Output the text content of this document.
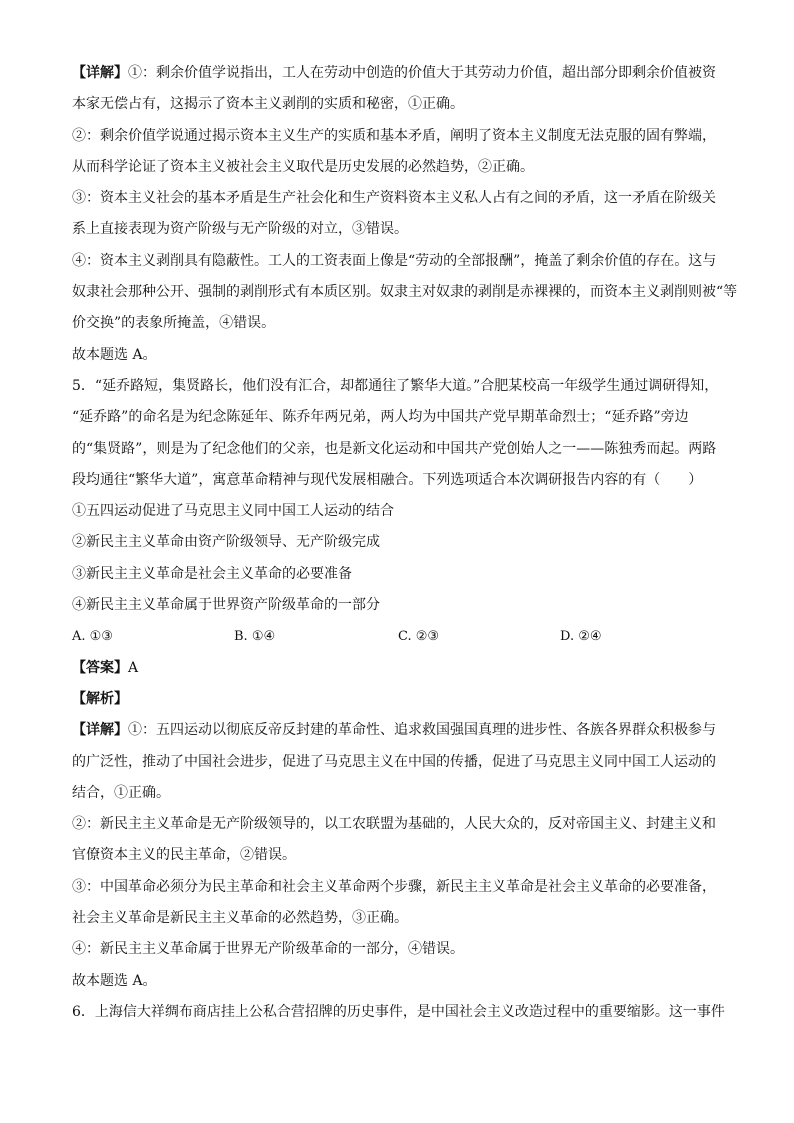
【详解】①：剩余价值学说指出，工人在劳动中创造的价值大于其劳动力价值，超出部分即剩余价值被资
本家无偿占有，这揭示了资本主义剥削的实质和秘密，①正确。
②：剩余价值学说通过揭示资本主义生产的实质和基本矛盾，阐明了资本主义制度无法克服的固有弊端，
从而科学论证了资本主义被社会主义取代是历史发展的必然趋势，②正确。
③：资本主义社会的基本矛盾是生产社会化和生产资料资本主义私人占有之间的矛盾，这一矛盾在阶级关
系上直接表现为资产阶级与无产阶级的对立，③错误。
④：资本主义剥削具有隐蔽性。工人的工资表面上像是“劳动的全部报酬”，掩盖了剩余价值的存在。这与
奴隶社会那种公开、强制的剥削形式有本质区别。奴隶主对奴隶的剥削是赤裸裸的，而资本主义剥削则被“等
价交换”的表象所掩盖，④错误。
故本题选 A。
5．“延乔路短，集贤路长，他们没有汇合，却都通往了繁华大道。”合肥某校高一年级学生通过调研得知，
“延乔路”的命名是为纪念陈延年、陈乔年两兄弟，两人均为中国共产党早期革命烈士；“延乔路”旁边
的“集贤路”，则是为了纪念他们的父亲，也是新文化运动和中国共产党创始人之一——陈独秀而起。两路
段均通往“繁华大道”，寓意革命精神与现代发展相融合。下列选项适合本次调研报告内容的有（　　）
①五四运动促进了马克思主义同中国工人运动的结合
②新民主主义革命由资产阶级领导、无产阶级完成
③新民主主义革命是社会主义革命的必要准备
④新民主主义革命属于世界资产阶级革命的一部分
A. ①③	B. ①④	C. ②③	D. ②④
【答案】A
【解析】
【详解】①：五四运动以彻底反帝反封建的革命性、追求救国强国真理的进步性、各族各界群众积极参与
的广泛性，推动了中国社会进步，促进了马克思主义在中国的传播，促进了马克思主义同中国工人运动的
结合，①正确。
②：新民主主义革命是无产阶级领导的，以工农联盟为基础的，人民大众的，反对帝国主义、封建主义和
官僚资本主义的民主革命，②错误。
③：中国革命必须分为民主革命和社会主义革命两个步骤，新民主主义革命是社会主义革命的必要准备，
社会主义革命是新民主主义革命的必然趋势，③正确。
④：新民主主义革命属于世界无产阶级革命的一部分，④错误。
故本题选 A。
6．上海信大祥绸布商店挂上公私合营招牌的历史事件，是中国社会主义改造过程中的重要缩影。这一事件
